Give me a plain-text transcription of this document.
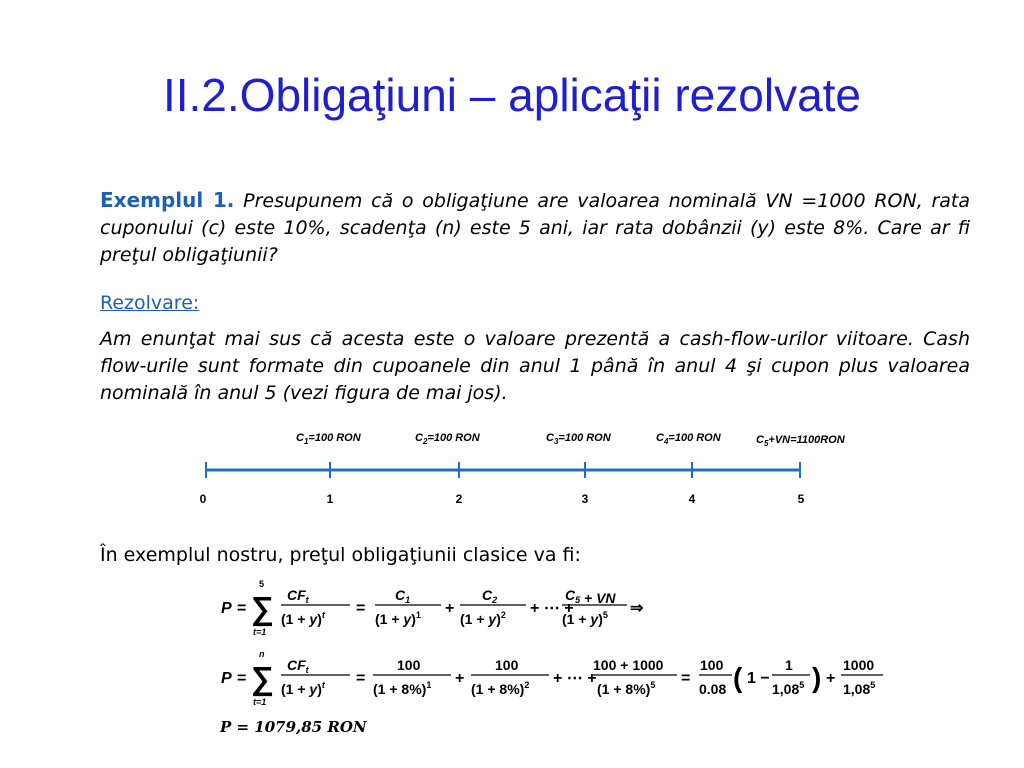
II.2.Obligaţiuni – aplicaţii rezolvate
Exemplul 1. Presupunem că o obligaţiune are valoarea nominală VN =1000 RON, rata cuponului (c) este 10%, scadenţa (n) este 5 ani, iar rata dobânzii (y) este 8%. Care ar fi preţul obligaţiunii?
Rezolvare:
Am enunţat mai sus că acesta este o valoare prezentă a cash-flow-urilor viitoare. Cash flow-urile sunt formate din cupoanele din anul 1 până în anul 4 şi cupon plus valoarea nominală în anul 5 (vezi figura de mai jos).
$C_1=100$ RON	$C_2=100$ RON	$C_3=100$ RON	$C_4=100$ RON	$C_5+VN=1100RON$
0	1	2	3	4	5
În exemplul nostru, preţul obligaţiunii clasice va fi:
P =
5
∑
t=1
$CF_t$
$(1 + y)^t$ =
$C_1$
$(1 + y)^1$ +
$C_2$
$(1 + y)^2$ + ⋯ +
$C_5$ + VN
$(1 + y)^5$ ⇒
P =
n
∑
t=1
$CF_t$
$(1 + y)^t$ =
100
$(1 + 8\%)^1$ +
100
$(1 + 8\%)^2$ + ⋯ +
100 + 1000
$(1 + 8\%)^5$ =
100
0.08 ( 1 −
1
1,08$^5$ ) +
1000
1,08$^5$
P = 1079,85 RON
